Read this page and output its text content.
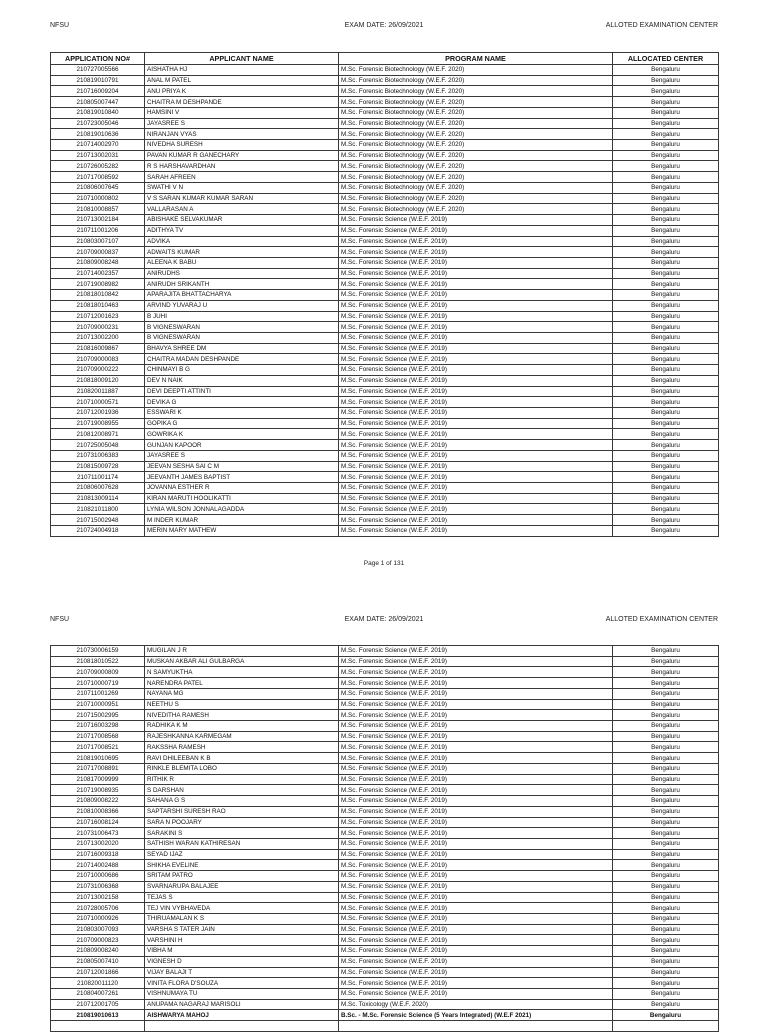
NFSU	EXAM DATE: 26/09/2021	ALLOTED EXAMINATION CENTER
APPLICATION NO#	APPLICANT NAME	PROGRAM NAME	ALLOCATED CENTER
210727005566	AISHATHA HJ	M.Sc. Forensic Biotechnology (W.E.F. 2020)	Bengaluru
210819010791	ANAL M PATEL	M.Sc. Forensic Biotechnology (W.E.F. 2020)	Bengaluru
210716009204	ANU PRIYA K	M.Sc. Forensic Biotechnology (W.E.F. 2020)	Bengaluru
210805007447	CHAITRA M DESHPANDE	M.Sc. Forensic Biotechnology (W.E.F. 2020)	Bengaluru
210819010840	HAMSINI V	M.Sc. Forensic Biotechnology (W.E.F. 2020)	Bengaluru
210723005046	JAYASREE S	M.Sc. Forensic Biotechnology (W.E.F. 2020)	Bengaluru
210819010636	NIRANJAN VYAS	M.Sc. Forensic Biotechnology (W.E.F. 2020)	Bengaluru
210714002970	NIVEDHA SURESH	M.Sc. Forensic Biotechnology (W.E.F. 2020)	Bengaluru
210713002031	PAVAN KUMAR R GANECHARY	M.Sc. Forensic Biotechnology (W.E.F. 2020)	Bengaluru
210726005282	R S HARSHAVARDHAN	M.Sc. Forensic Biotechnology (W.E.F. 2020)	Bengaluru
210717008592	SARAH AFREEN	M.Sc. Forensic Biotechnology (W.E.F. 2020)	Bengaluru
210806007645	SWATHI V N	M.Sc. Forensic Biotechnology (W.E.F. 2020)	Bengaluru
210710000802	V S SARAN KUMAR KUMAR SARAN	M.Sc. Forensic Biotechnology (W.E.F. 2020)	Bengaluru
210810008857	VALLARASAN A	M.Sc. Forensic Biotechnology (W.E.F. 2020)	Bengaluru
210713002184	ABISHAKE SELVAKUMAR	M.Sc. Forensic Science (W.E.F. 2019)	Bengaluru
210711001206	ADITHYA TV	M.Sc. Forensic Science (W.E.F. 2019)	Bengaluru
210803007107	ADVIKA	M.Sc. Forensic Science (W.E.F. 2019)	Bengaluru
210709000837	ADWAITS KUMAR	M.Sc. Forensic Science (W.E.F. 2019)	Bengaluru
210809008248	ALEENA K BABU	M.Sc. Forensic Science (W.E.F. 2019)	Bengaluru
210714002357	ANIRUDHS	M.Sc. Forensic Science (W.E.F. 2019)	Bengaluru
210719008982	ANIRUDH SRIKANTH	M.Sc. Forensic Science (W.E.F. 2019)	Bengaluru
210818010842	APARAJITA BHATTACHARYA	M.Sc. Forensic Science (W.E.F. 2019)	Bengaluru
210818010463	ARVIND YUVARAJ U	M.Sc. Forensic Science (W.E.F. 2019)	Bengaluru
210712001623	B JUHI	M.Sc. Forensic Science (W.E.F. 2019)	Bengaluru
210709000231	B VIGNESWARAN	M.Sc. Forensic Science (W.E.F. 2019)	Bengaluru
210713002200	B VIGNESWARAN	M.Sc. Forensic Science (W.E.F. 2019)	Bengaluru
210816009867	BHAVYA SHREE DM	M.Sc. Forensic Science (W.E.F. 2019)	Bengaluru
210709000083	CHAITRA MADAN DESHPANDE	M.Sc. Forensic Science (W.E.F. 2019)	Bengaluru
210709000222	CHINMAYI B G	M.Sc. Forensic Science (W.E.F. 2019)	Bengaluru
210818009120	DEV N NAIK	M.Sc. Forensic Science (W.E.F. 2019)	Bengaluru
210820011887	DEVI DEEPTI ATTINTI	M.Sc. Forensic Science (W.E.F. 2019)	Bengaluru
210710000571	DEVIKA G	M.Sc. Forensic Science (W.E.F. 2019)	Bengaluru
210712001936	ESSWARI K	M.Sc. Forensic Science (W.E.F. 2019)	Bengaluru
210719008955	GOPIKA G	M.Sc. Forensic Science (W.E.F. 2019)	Bengaluru
210812008971	GOWRIKA K	M.Sc. Forensic Science (W.E.F. 2019)	Bengaluru
210725005048	GUNJAN KAPOOR	M.Sc. Forensic Science (W.E.F. 2019)	Bengaluru
210731006383	JAYASREE S	M.Sc. Forensic Science (W.E.F. 2019)	Bengaluru
210815009728	JEEVAN SESHA SAI C M	M.Sc. Forensic Science (W.E.F. 2019)	Bengaluru
210711001174	JEEVANTH JAMES BAPTIST	M.Sc. Forensic Science (W.E.F. 2019)	Bengaluru
210806007628	JOVANNA ESTHER R	M.Sc. Forensic Science (W.E.F. 2019)	Bengaluru
210813009114	KIRAN MARUTI HOOLIKATTI	M.Sc. Forensic Science (W.E.F. 2019)	Bengaluru
210821011800	LYNIA WILSON JONNALAGADDA	M.Sc. Forensic Science (W.E.F. 2019)	Bengaluru
210715002948	M INDER KUMAR	M.Sc. Forensic Science (W.E.F. 2019)	Bengaluru
210724004918	MERIN MARY MATHEW	M.Sc. Forensic Science (W.E.F. 2019)	Bengaluru
Page 1 of 131
NFSU	EXAM DATE: 26/09/2021	ALLOTED EXAMINATION CENTER
210730006159	MUGILAN J R	M.Sc. Forensic Science (W.E.F. 2019)	Bengaluru
210818010522	MUSKAN AKBAR ALI GULBARGA	M.Sc. Forensic Science (W.E.F. 2019)	Bengaluru
210709000809	N SAMYUKTHA	M.Sc. Forensic Science (W.E.F. 2019)	Bengaluru
210710000719	NARENDRA PATEL	M.Sc. Forensic Science (W.E.F. 2019)	Bengaluru
210711001269	NAYANA MG	M.Sc. Forensic Science (W.E.F. 2019)	Bengaluru
210710000951	NEETHU S	M.Sc. Forensic Science (W.E.F. 2019)	Bengaluru
210715002995	NIVEDITHA RAMESH	M.Sc. Forensic Science (W.E.F. 2019)	Bengaluru
210716003298	RADHIKA K M	M.Sc. Forensic Science (W.E.F. 2019)	Bengaluru
210717008568	RAJESHKANNA KARMEGAM	M.Sc. Forensic Science (W.E.F. 2019)	Bengaluru
210717008521	RAKSSHA RAMESH	M.Sc. Forensic Science (W.E.F. 2019)	Bengaluru
210819010695	RAVI DHILEEBAN K B	M.Sc. Forensic Science (W.E.F. 2019)	Bengaluru
210717008891	RINKLE BLEMITA LOBO	M.Sc. Forensic Science (W.E.F. 2019)	Bengaluru
210817009999	RITHIK R	M.Sc. Forensic Science (W.E.F. 2019)	Bengaluru
210719008935	S DARSHAN	M.Sc. Forensic Science (W.E.F. 2019)	Bengaluru
210809008222	SAHANA G S	M.Sc. Forensic Science (W.E.F. 2019)	Bengaluru
210810008366	SAPTARSHI SURESH RAO	M.Sc. Forensic Science (W.E.F. 2019)	Bengaluru
210716008124	SARA N POOJARY	M.Sc. Forensic Science (W.E.F. 2019)	Bengaluru
210731006473	SARAKINI S	M.Sc. Forensic Science (W.E.F. 2019)	Bengaluru
210713002020	SATHISH WARAN KATHIRESAN	M.Sc. Forensic Science (W.E.F. 2019)	Bengaluru
210716009318	SEYAD IJAZ	M.Sc. Forensic Science (W.E.F. 2019)	Bengaluru
210714002488	SHIKHA EVELINE	M.Sc. Forensic Science (W.E.F. 2019)	Bengaluru
210710000686	SRITAM PATRO	M.Sc. Forensic Science (W.E.F. 2019)	Bengaluru
210731006368	SVARNARUPA BALAJEE	M.Sc. Forensic Science (W.E.F. 2019)	Bengaluru
210713002158	TEJAS S	M.Sc. Forensic Science (W.E.F. 2019)	Bengaluru
210728005706	TEJ VIN VYBHAVEDA	M.Sc. Forensic Science (W.E.F. 2019)	Bengaluru
210710000926	THIRUAMALAN K S	M.Sc. Forensic Science (W.E.F. 2019)	Bengaluru
210803007093	VARSHA S TATER JAIN	M.Sc. Forensic Science (W.E.F. 2019)	Bengaluru
210709000823	VARSHINI H	M.Sc. Forensic Science (W.E.F. 2019)	Bengaluru
210809008240	VIBHA M	M.Sc. Forensic Science (W.E.F. 2019)	Bengaluru
210805007410	VIGNESH D	M.Sc. Forensic Science (W.E.F. 2019)	Bengaluru
210712001866	VIJAY BALAJI T	M.Sc. Forensic Science (W.E.F. 2019)	Bengaluru
210820011120	VINITA FLORA D'SOUZA	M.Sc. Forensic Science (W.E.F. 2019)	Bengaluru
210804007261	VISHNUMAYA TU	M.Sc. Forensic Science (W.E.F. 2019)	Bengaluru
210712001705	ANUPAMA NAGARAJ MARISOLI	M.Sc. Toxicology (W.E.F. 2020)	Bengaluru
210819010613	AISHWARYA MAHOJ	B.Sc. - M.Sc. Forensic Science (5 Years Integrated) (W.E.F 2021)	Bengaluru
